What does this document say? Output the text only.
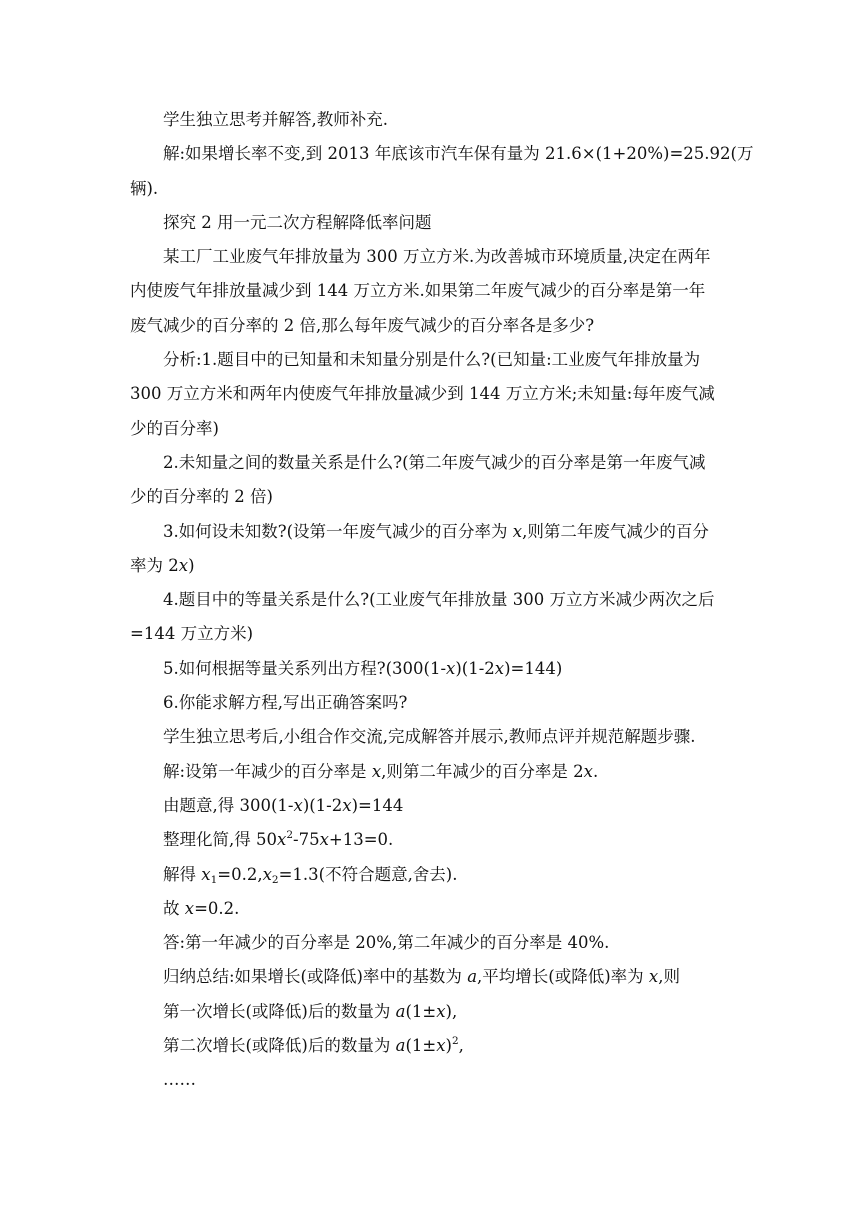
学生独立思考并解答,教师补充.
解:如果增长率不变,到 2013 年底该市汽车保有量为 21.6×(1+20%)=25.92(万
辆).
探究 2 用一元二次方程解降低率问题
某工厂工业废气年排放量为 300 万立方米.为改善城市环境质量,决定在两年
内使废气年排放量减少到 144 万立方米.如果第二年废气减少的百分率是第一年
废气减少的百分率的 2 倍,那么每年废气减少的百分率各是多少?
分析:1.题目中的已知量和未知量分别是什么?(已知量:工业废气年排放量为
300 万立方米和两年内使废气年排放量减少到 144 万立方米;未知量:每年废气减
少的百分率)
2.未知量之间的数量关系是什么?(第二年废气减少的百分率是第一年废气减
少的百分率的 2 倍)
3.如何设未知数?(设第一年废气减少的百分率为 x,则第二年废气减少的百分
率为 2x)
4.题目中的等量关系是什么?(工业废气年排放量 300 万立方米减少两次之后
=144 万立方米)
5.如何根据等量关系列出方程?(300(1-x)(1-2x)=144)
6.你能求解方程,写出正确答案吗?
学生独立思考后,小组合作交流,完成解答并展示,教师点评并规范解题步骤.
解:设第一年减少的百分率是 x,则第二年减少的百分率是 2x.
由题意,得 300(1-x)(1-2x)=144
整理化简,得 $50x^2-75x+13=0$.
解得 $x_1=0.2,x_2=1.3$(不符合题意,舍去).
故 x=0.2.
答:第一年减少的百分率是 20%,第二年减少的百分率是 40%.
归纳总结:如果增长(或降低)率中的基数为 a,平均增长(或降低)率为 x,则
第一次增长(或降低)后的数量为 a(1±x),
第二次增长(或降低)后的数量为 $a(1\pm x)^2$,
……
